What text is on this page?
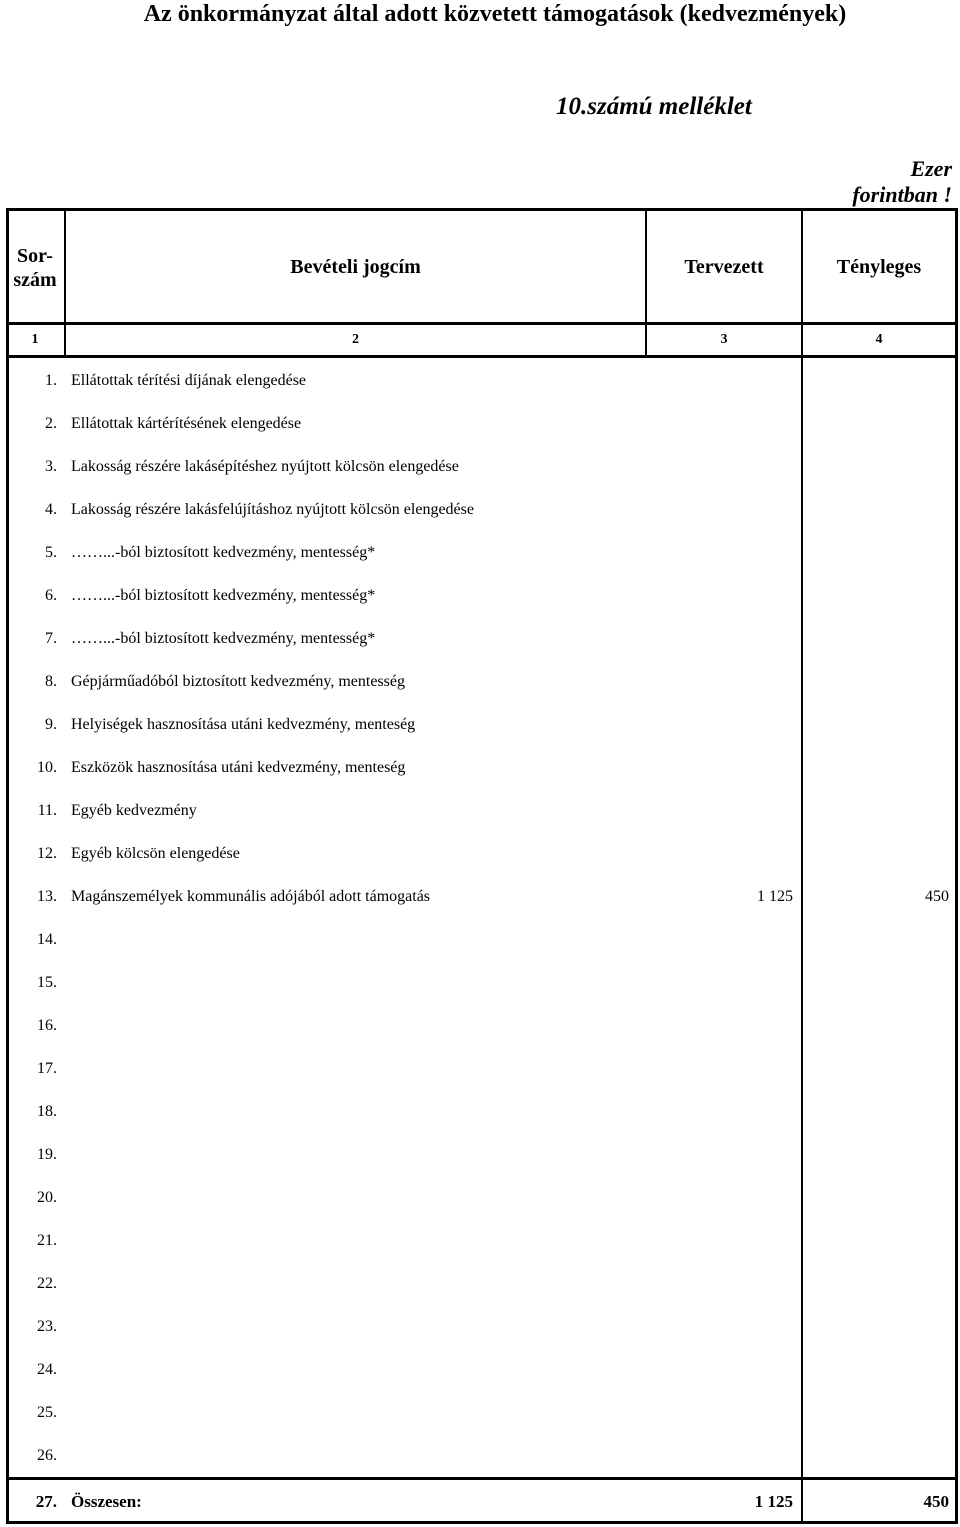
Az önkormányzat által adott közvetett támogatások (kedvezmények)
10.számú melléklet
Ezer
forintban !
Sor-
szám
Bevételi jogcím	Tervezett	Tényleges
1	2	3	4
1. Ellátottak térítési díjának elengedése
2. Ellátottak kártérítésének elengedése
3. Lakosság részére lakásépítéshez nyújtott kölcsön elengedése
4. Lakosság részére lakásfelújításhoz nyújtott kölcsön elengedése
5. ……...-ból biztosított kedvezmény, mentesség*
6. ……...-ból biztosított kedvezmény, mentesség*
7. ……...-ból biztosított kedvezmény, mentesség*
8. Gépjárműadóból biztosított kedvezmény, mentesség
9. Helyiségek hasznosítása utáni kedvezmény, menteség
10. Eszközök hasznosítása utáni kedvezmény, menteség
11. Egyéb kedvezmény
12. Egyéb kölcsön elengedése
13. Magánszemélyek kommunális adójából adott támogatás	1 125	450
14.
15.
16.
17.
18.
19.
20.
21.
22.
23.
24.
25.
26.
27. Összesen:	1 125	450
